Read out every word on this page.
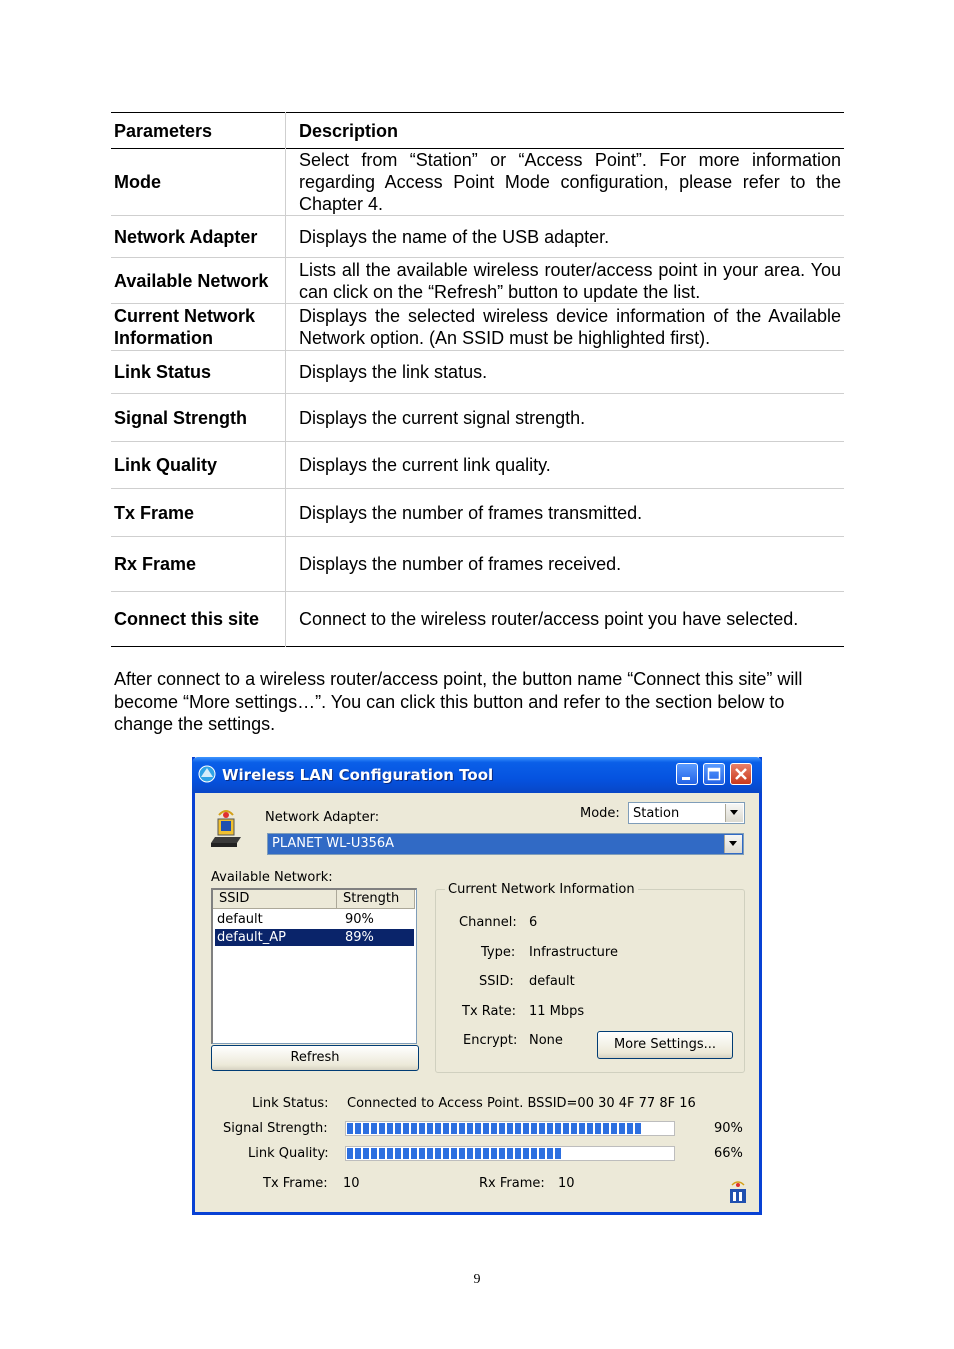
Parameters	Description
Mode	Select from “Station” or “Access Point”. For more information regarding Access Point Mode configuration, please refer to the Chapter 4.
Network Adapter	Displays the name of the USB adapter.
Available Network	Lists all the available wireless router/access point in your area. You can click on the “Refresh” button to update the list.
Current Network Information	Displays the selected wireless device information of the Available Network option. (An SSID must be highlighted first).
Link Status	Displays the link status.
Signal Strength	Displays the current signal strength.
Link Quality	Displays the current link quality.
Tx Frame	Displays the number of frames transmitted.
Rx Frame	Displays the number of frames received.
Connect this site	Connect to the wireless router/access point you have selected.
After connect to a wireless router/access point, the button name “Connect this site” will become “More settings…”. You can click this button and refer to the section below to change the settings.
Wireless LAN Configuration Tool
Network Adapter:	Mode: Station
PLANET WL-U356A
Available Network:
SSID	Strength
default	90%
default_AP	89%
Refresh
Current Network Information
Channel: 6
Type: Infrastructure
SSID: default
Tx Rate: 11 Mbps
Encrypt: None	More Settings...
Link Status: Connected to Access Point. BSSID=00 30 4F 77 8F 16
Signal Strength:	90%
Link Quality:	66%
Tx Frame: 10	Rx Frame: 10
9
